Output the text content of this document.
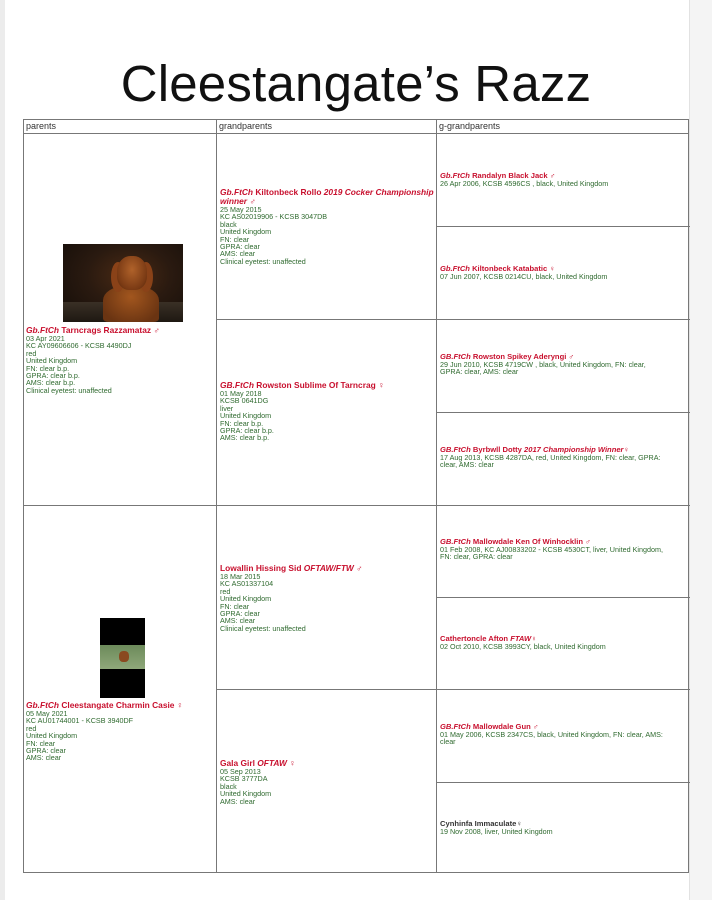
Cleestangate’s Razz
parents	grandparents	g-grandparents
Gb.FtCh Tarncrags Razzamataz ♂
03 Apr 2021
KC AY09606606 - KCSB 4490DJ
red
United Kingdom
FN: clear b.p.
GPRA: clear b.p.
AMS: clear b.p.
Clinical eyetest: unaffected
Gb.FtCh Cleestangate Charmin Casie ♀
05 May 2021
KC AU01744001 - KCSB 3940DF
red
United Kingdom
FN: clear
GPRA: clear
AMS: clear
Gb.FtCh Kiltonbeck Rollo 2019 Cocker Championship winner ♂
25 May 2015
KC AS02019906 - KCSB 3047DB
black
United Kingdom
FN: clear
GPRA: clear
AMS: clear
Clinical eyetest: unaffected
GB.FtCh Rowston Sublime Of Tarncrag ♀
01 May 2018
KCSB 0641DG
liver
United Kingdom
FN: clear b.p.
GPRA: clear b.p.
AMS: clear b.p.
Lowallin Hissing Sid OFTAW/FTW ♂
18 Mar 2015
KC AS01337104
red
United Kingdom
FN: clear
GPRA: clear
AMS: clear
Clinical eyetest: unaffected
Gala Girl OFTAW ♀
05 Sep 2013
KCSB 3777DA
black
United Kingdom
AMS: clear
Gb.FtCh Randalyn Black Jack ♂
26 Apr 2006, KCSB 4596CS , black, United Kingdom
Gb.FtCh Kiltonbeck Katabatic ♀
07 Jun 2007, KCSB 0214CU, black, United Kingdom
GB.FtCh Rowston Spikey Aderyngi ♂
29 Jun 2010, KCSB 4719CW , black, United Kingdom, FN: clear,
GPRA: clear, AMS: clear
GB.FtCh Byrbwll Dotty 2017 Championship Winner♀
17 Aug 2013, KCSB 4287DA, red, United Kingdom, FN: clear, GPRA:
clear, AMS: clear
GB.FtCh Mallowdale Ken Of Winhocklin ♂
01 Feb 2008, KC AJ00833202 - KCSB 4530CT, liver, United Kingdom,
FN: clear, GPRA: clear
Cathertoncle Afton FTAW♀
02 Oct 2010, KCSB 3993CY, black, United Kingdom
GB.FtCh Mallowdale Gun ♂
01 May 2006, KCSB 2347CS, black, United Kingdom, FN: clear, AMS:
clear
Cynhinfa Immaculate♀
19 Nov 2008, liver, United Kingdom
